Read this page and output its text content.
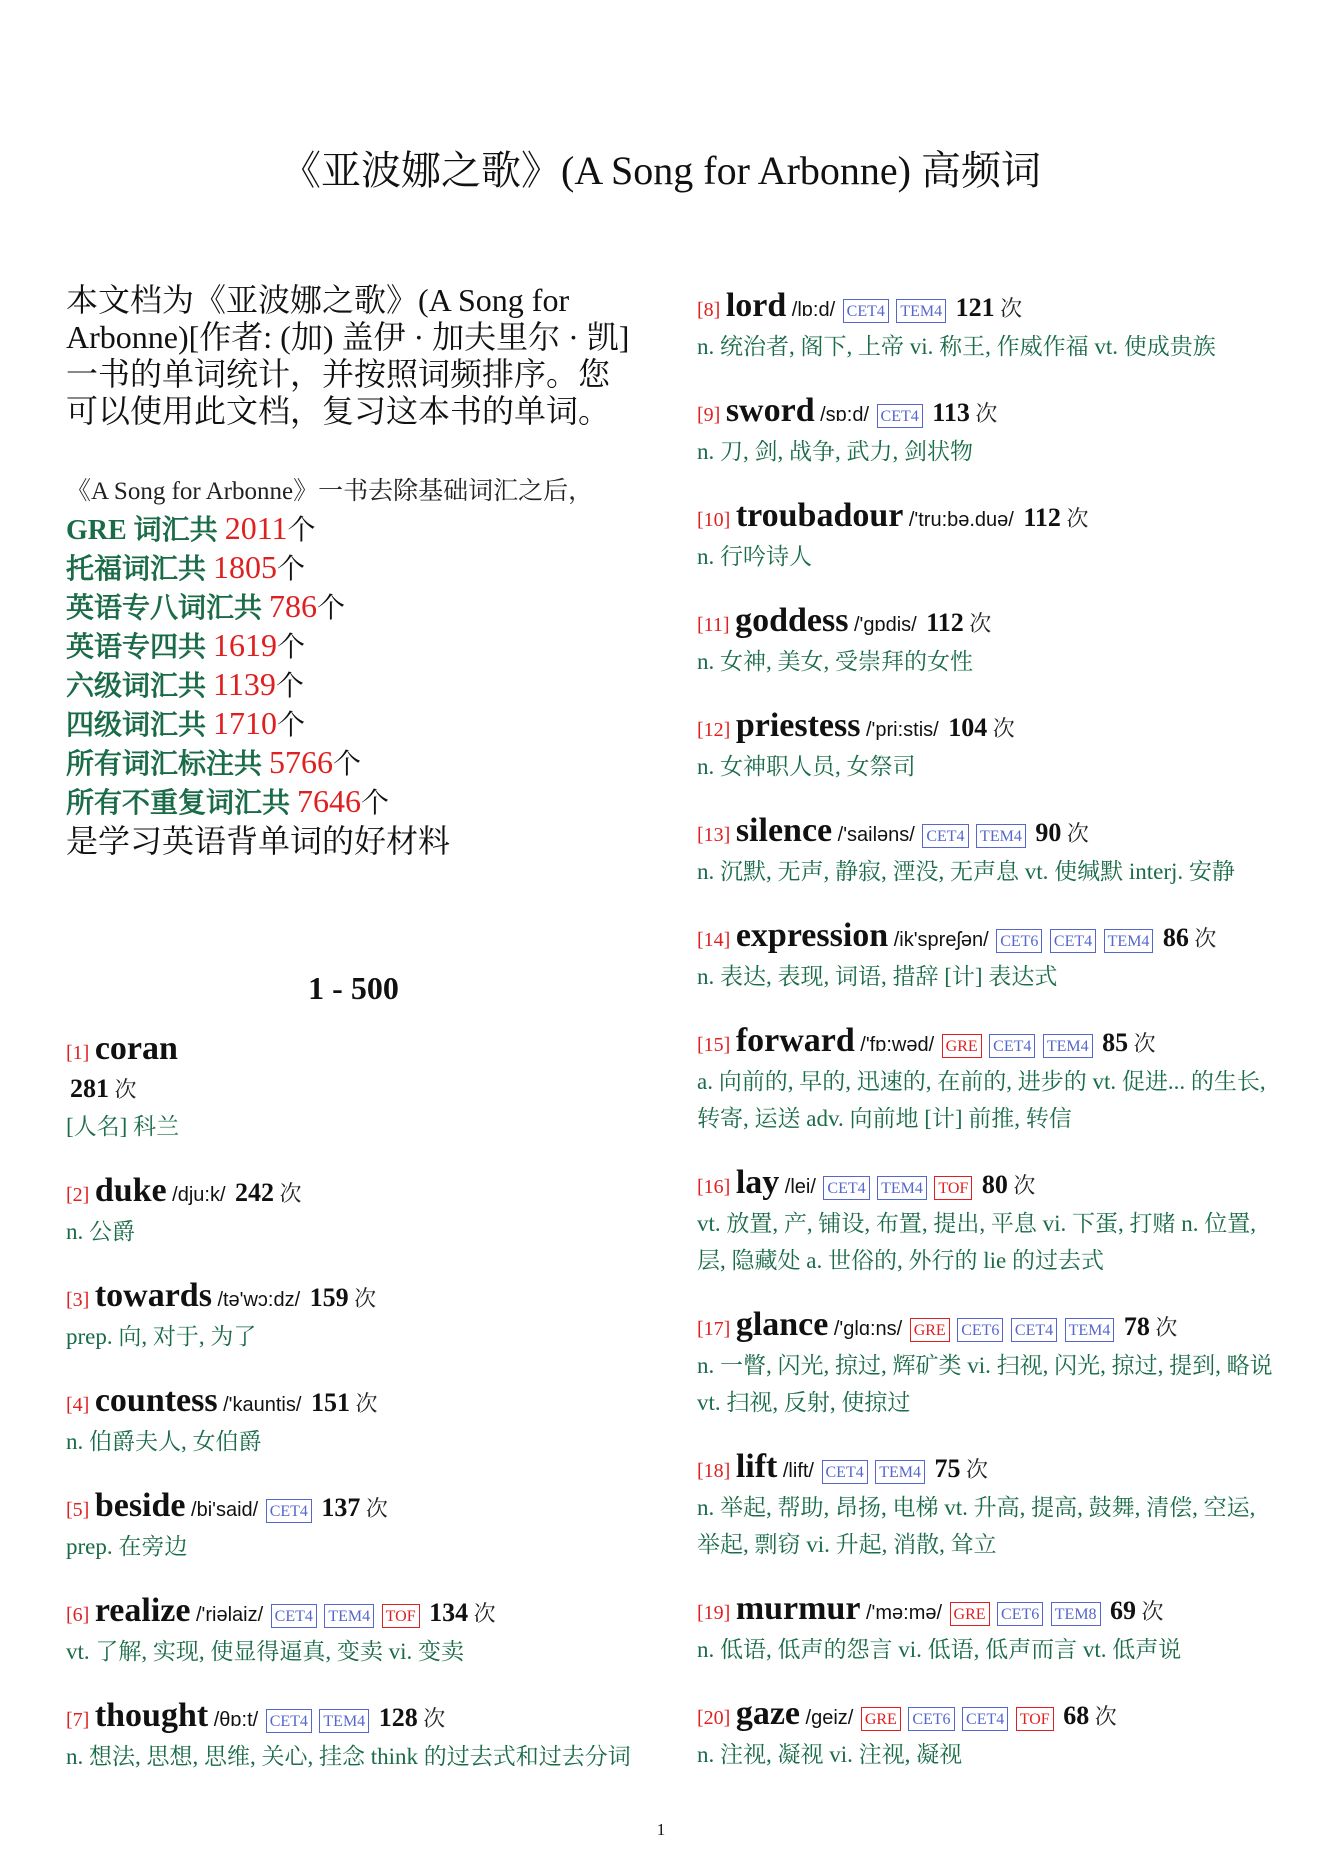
《亚波娜之歌》(A Song for Arbonne) 高频词

本文档为《亚波娜之歌》(A Song for Arbonne)[作者: (加) 盖伊 · 加夫里尔 · 凯] 一书的单词统计，并按照词频排序。您可以使用此文档，复习这本书的单词。

《A Song for Arbonne》一书去除基础词汇之后，
GRE 词汇共 2011个
托福词汇共 1805个
英语专八词汇共 786个
英语专四共 1619个
六级词汇共 1139个
四级词汇共 1710个
所有词汇标注共 5766个
所有不重复词汇共 7646个
是学习英语背单词的好材料
1 - 500
[1] coran
281 次
[人名] 科兰
[2] duke /dju:k/ 242 次
n. 公爵
[3] towards /tə'wɔ:dz/ 159 次
prep. 向, 对于, 为了
[4] countess /'kauntis/ 151 次
n. 伯爵夫人, 女伯爵
[5] beside /bi'said/ CET4 137 次
prep. 在旁边
[6] realize /'riəlaiz/ CET4 TEM4 TOF 134 次
vt. 了解, 实现, 使显得逼真, 变卖 vi. 变卖
[7] thought /θɒ:t/ CET4 TEM4 128 次
n. 想法, 思想, 思维, 关心, 挂念 think 的过去式和过去分词
[8] lord /lɒ:d/ CET4 TEM4 121 次
n. 统治者, 阁下, 上帝 vi. 称王, 作威作福 vt. 使成贵族
[9] sword /sɒ:d/ CET4 113 次
n. 刀, 剑, 战争, 武力, 剑状物
[10] troubadour /'tru:bə.duə/ 112 次
n. 行吟诗人
[11] goddess /'gɒdis/ 112 次
n. 女神, 美女, 受崇拜的女性
[12] priestess /'pri:stis/ 104 次
n. 女神职人员, 女祭司
[13] silence /'sailəns/ CET4 TEM4 90 次
n. 沉默, 无声, 静寂, 湮没, 无声息 vt. 使缄默 interj. 安静
[14] expression /ik'spreʃən/ CET6 CET4 TEM4 86 次
n. 表达, 表现, 词语, 措辞 [计] 表达式
[15] forward /'fɒ:wəd/ GRE CET4 TEM4 85 次
a. 向前的, 早的, 迅速的, 在前的, 进步的 vt. 促进... 的生长, 转寄, 运送 adv. 向前地 [计] 前推, 转信
[16] lay /lei/ CET4 TEM4 TOF 80 次
vt. 放置, 产, 铺设, 布置, 提出, 平息 vi. 下蛋, 打赌 n. 位置, 层, 隐藏处 a. 世俗的, 外行的 lie 的过去式
[17] glance /'glɑ:ns/ GRE CET6 CET4 TEM4 78 次
n. 一瞥, 闪光, 掠过, 辉矿类 vi. 扫视, 闪光, 掠过, 提到, 略说 vt. 扫视, 反射, 使掠过
[18] lift /lift/ CET4 TEM4 75 次
n. 举起, 帮助, 昂扬, 电梯 vt. 升高, 提高, 鼓舞, 清偿, 空运, 举起, 剽窃 vi. 升起, 消散, 耸立
[19] murmur /'mə:mə/ GRE CET6 TEM8 69 次
n. 低语, 低声的怨言 vi. 低语, 低声而言 vt. 低声说
[20] gaze /geiz/ GRE CET6 CET4 TOF 68 次
n. 注视, 凝视 vi. 注视, 凝视
1
